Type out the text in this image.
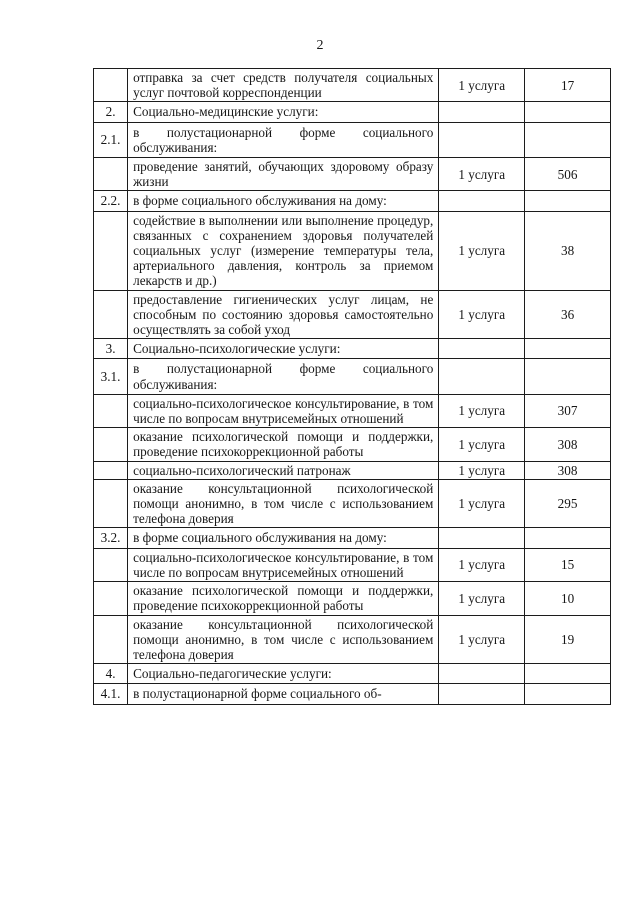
2
	отправка за счет средств получателя социальных услуг почтовой корреспонденции	1 услуга	17
2.	Социально-медицинские услуги:		
2.1.	в полустационарной форме социального обслуживания:		
	проведение занятий, обучающих здоровому образу жизни	1 услуга	506
2.2.	в форме социального обслуживания на дому:		
	содействие в выполнении или выполнение процедур, связанных с сохранением здоровья получателей социальных услуг (измерение температуры тела, артериального давления, контроль за приемом лекарств и др.)	1 услуга	38
	предоставление гигиенических услуг лицам, не способным по состоянию здоровья самостоятельно осуществлять за собой уход	1 услуга	36
3.	Социально-психологические услуги:		
3.1.	в полустационарной форме социального обслуживания:		
	социально-психологическое консультирование, в том числе по вопросам внутрисемейных отношений	1 услуга	307
	оказание психологической помощи и поддержки, проведение психокоррекционной работы	1 услуга	308
	социально-психологический патронаж	1 услуга	308
	оказание консультационной психологической помощи анонимно, в том числе с использованием телефона доверия	1 услуга	295
3.2.	в форме социального обслуживания на дому:		
	социально-психологическое консультирование, в том числе по вопросам внутрисемейных отношений	1 услуга	15
	оказание психологической помощи и поддержки, проведение психокоррекционной работы	1 услуга	10
	оказание консультационной психологической помощи анонимно, в том числе с использованием телефона доверия	1 услуга	19
4.	Социально-педагогические услуги:		
4.1.	в полустационарной форме социального об-		
